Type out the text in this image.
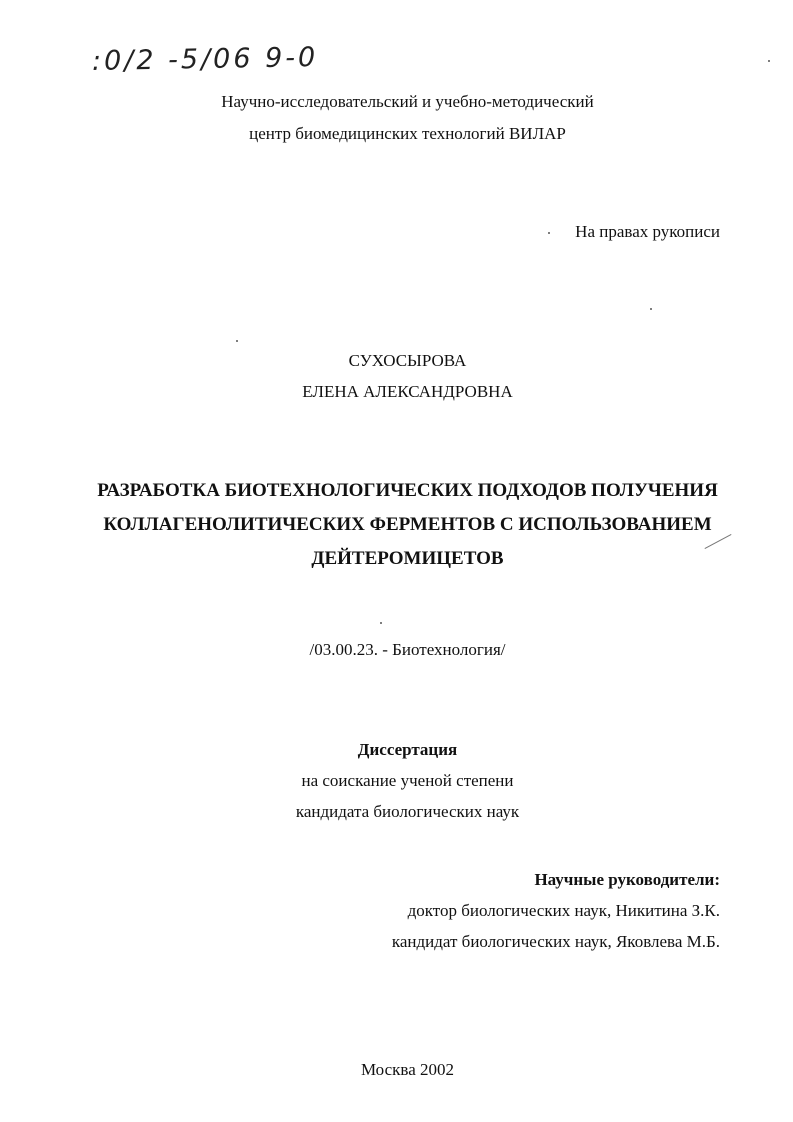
:0/2 -5/06 9-0
Научно-исследовательский и учебно-методический
центр биомедицинских технологий ВИЛАР
На правах рукописи
СУХОСЫРОВА
ЕЛЕНА АЛЕКСАНДРОВНА
РАЗРАБОТКА БИОТЕХНОЛОГИЧЕСКИХ ПОДХОДОВ ПОЛУЧЕНИЯ
КОЛЛАГЕНОЛИТИЧЕСКИХ ФЕРМЕНТОВ С ИСПОЛЬЗОВАНИЕМ
ДЕЙТЕРОМИЦЕТОВ
/03.00.23. - Биотехнология/
Диссертация
на соискание ученой степени
кандидата биологических наук
Научные руководители:
доктор биологических наук, Никитина З.К.
кандидат биологических наук, Яковлева М.Б.
Москва 2002
